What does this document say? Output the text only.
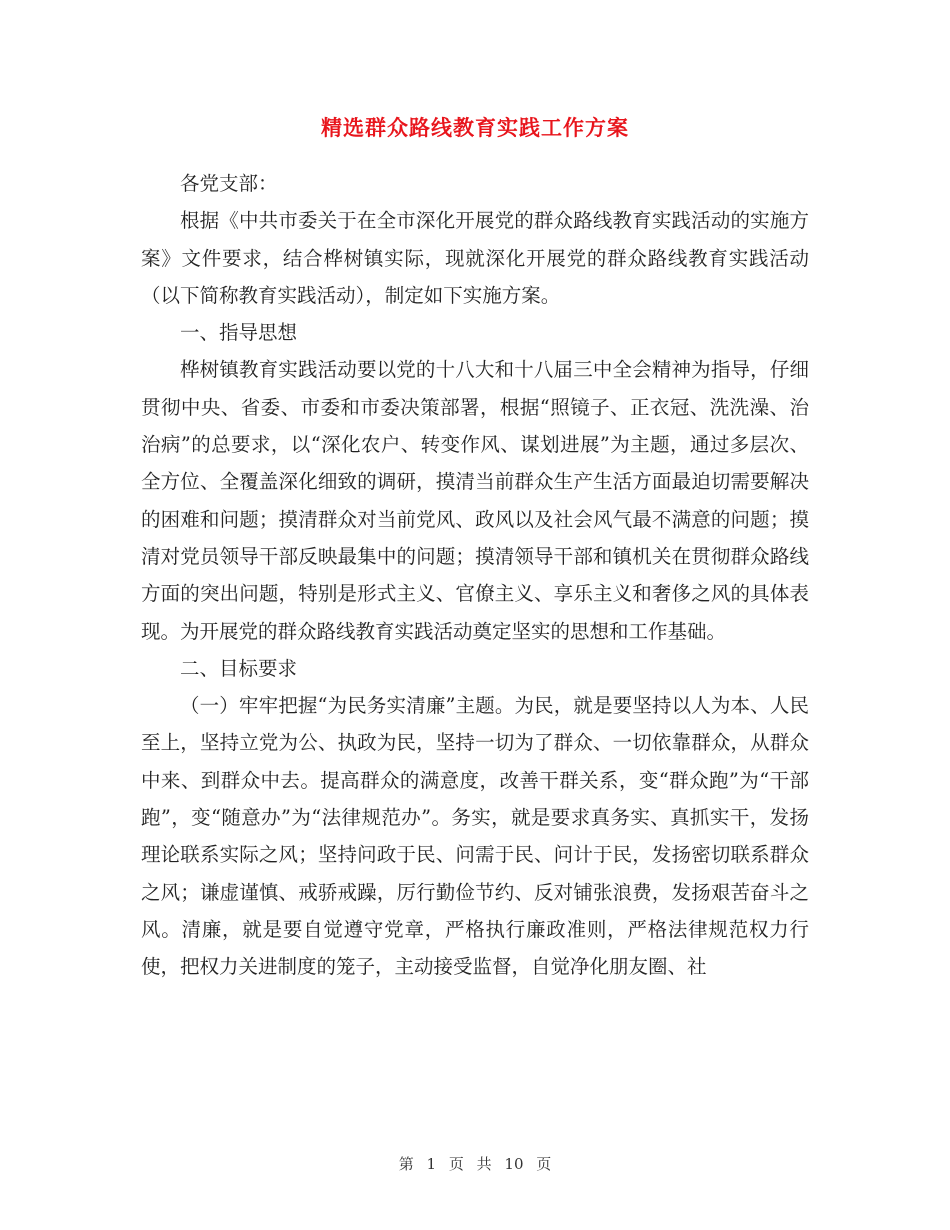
精选群众路线教育实践工作方案

各党支部：

根据《中共市委关于在全市深化开展党的群众路线教育实践活动的实施方案》文件要求，结合桦树镇实际，现就深化开展党的群众路线教育实践活动（以下简称教育实践活动），制定如下实施方案。

一、指导思想

桦树镇教育实践活动要以党的十八大和十八届三中全会精神为指导，仔细贯彻中央、省委、市委和市委决策部署，根据“照镜子、正衣冠、洗洗澡、治治病”的总要求，以“深化农户、转变作风、谋划进展”为主题，通过多层次、全方位、全覆盖深化细致的调研，摸清当前群众生产生活方面最迫切需要解决的困难和问题；摸清群众对当前党风、政风以及社会风气最不满意的问题；摸清对党员领导干部反映最集中的问题；摸清领导干部和镇机关在贯彻群众路线方面的突出问题，特别是形式主义、官僚主义、享乐主义和奢侈之风的具体表现。为开展党的群众路线教育实践活动奠定坚实的思想和工作基础。

二、目标要求

（一）牢牢把握“为民务实清廉”主题。为民，就是要坚持以人为本、人民至上，坚持立党为公、执政为民，坚持一切为了群众、一切依靠群众，从群众中来、到群众中去。提高群众的满意度，改善干群关系，变“群众跑”为“干部跑”，变“随意办”为“法律规范办”。务实，就是要求真务实、真抓实干，发扬理论联系实际之风；坚持问政于民、问需于民、问计于民，发扬密切联系群众之风；谦虚谨慎、戒骄戒躁，厉行勤俭节约、反对铺张浪费，发扬艰苦奋斗之风。清廉，就是要自觉遵守党章，严格执行廉政准则，严格法律规范权力行使，把权力关进制度的笼子，主动接受监督，自觉净化朋友圈、社

第 1 页 共 10 页
